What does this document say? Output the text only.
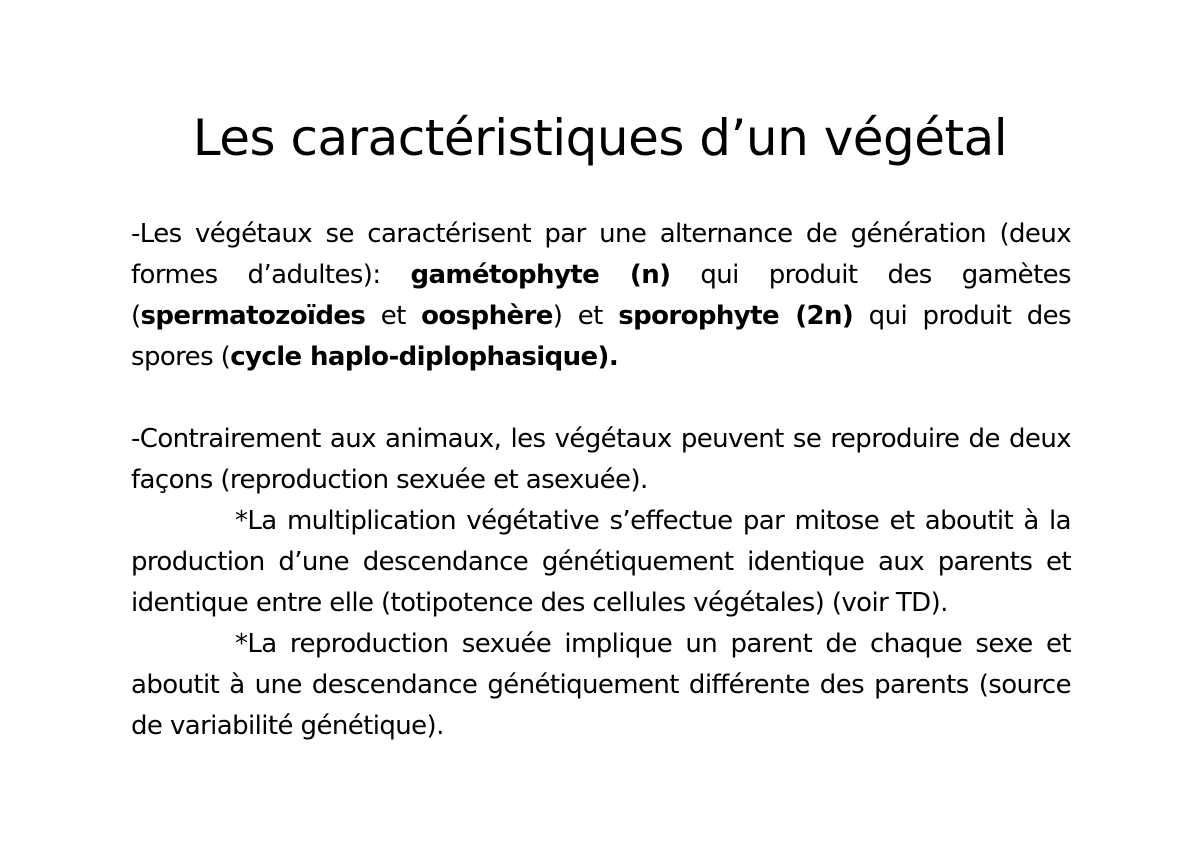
Les caractéristiques d’un végétal

-Les végétaux se caractérisent par une alternance de génération (deux formes d’adultes): gamétophyte (n) qui produit des gamètes (spermatozoïdes et oosphère) et sporophyte (2n) qui produit des spores (cycle haplo-diplophasique).

-Contrairement aux animaux, les végétaux peuvent se reproduire de deux façons (reproduction sexuée et asexuée).

*La multiplication végétative s’effectue par mitose et aboutit à la production d’une descendance génétiquement identique aux parents et identique entre elle (totipotence des cellules végétales) (voir TD).

*La reproduction sexuée implique un parent de chaque sexe et aboutit à une descendance génétiquement différente des parents (source de variabilité génétique).
